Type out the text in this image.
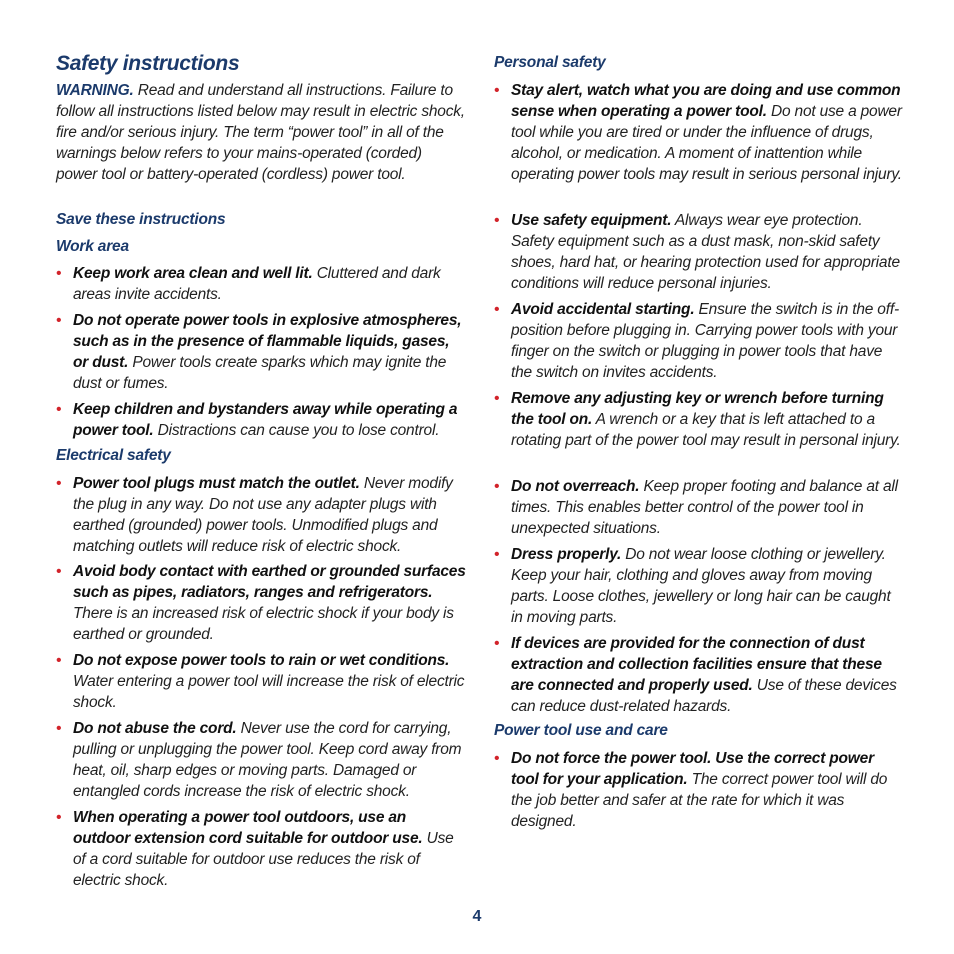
Safety instructions
WARNING. Read and understand all instructions. Failure to follow all instructions listed below may result in electric shock, fire and/or serious injury. The term “power tool” in all of the warnings below refers to your mains-operated (corded) power tool or battery-operated (cordless) power tool.
Save these instructions
Work area
• Keep work area clean and well lit. Cluttered and dark areas invite accidents.
• Do not operate power tools in explosive atmospheres, such as in the presence of flammable liquids, gases, or dust. Power tools create sparks which may ignite the dust or fumes.
• Keep children and bystanders away while operating a power tool. Distractions can cause you to lose control.
Electrical safety
• Power tool plugs must match the outlet. Never modify the plug in any way. Do not use any adapter plugs with earthed (grounded) power tools. Unmodified plugs and matching outlets will reduce risk of electric shock.
• Avoid body contact with earthed or grounded surfaces such as pipes, radiators, ranges and refrigerators. There is an increased risk of electric shock if your body is earthed or grounded.
• Do not expose power tools to rain or wet conditions. Water entering a power tool will increase the risk of electric shock.
• Do not abuse the cord. Never use the cord for carrying, pulling or unplugging the power tool. Keep cord away from heat, oil, sharp edges or moving parts. Damaged or entangled cords increase the risk of electric shock.
• When operating a power tool outdoors, use an outdoor extension cord suitable for outdoor use. Use of a cord suitable for outdoor use reduces the risk of electric shock.
Personal safety
• Stay alert, watch what you are doing and use common sense when operating a power tool. Do not use a power tool while you are tired or under the influence of drugs, alcohol, or medication. A moment of inattention while operating power tools may result in serious personal injury.
• Use safety equipment. Always wear eye protection. Safety equipment such as a dust mask, non-skid safety shoes, hard hat, or hearing protection used for appropriate conditions will reduce personal injuries.
• Avoid accidental starting. Ensure the switch is in the off-position before plugging in. Carrying power tools with your finger on the switch or plugging in power tools that have the switch on invites accidents.
• Remove any adjusting key or wrench before turning the tool on. A wrench or a key that is left attached to a rotating part of the power tool may result in personal injury.
• Do not overreach. Keep proper footing and balance at all times. This enables better control of the power tool in unexpected situations.
• Dress properly. Do not wear loose clothing or jewellery. Keep your hair, clothing and gloves away from moving parts. Loose clothes, jewellery or long hair can be caught in moving parts.
• If devices are provided for the connection of dust extraction and collection facilities ensure that these are connected and properly used. Use of these devices can reduce dust-related hazards.
Power tool use and care
• Do not force the power tool. Use the correct power tool for your application. The correct power tool will do the job better and safer at the rate for which it was designed.
4
